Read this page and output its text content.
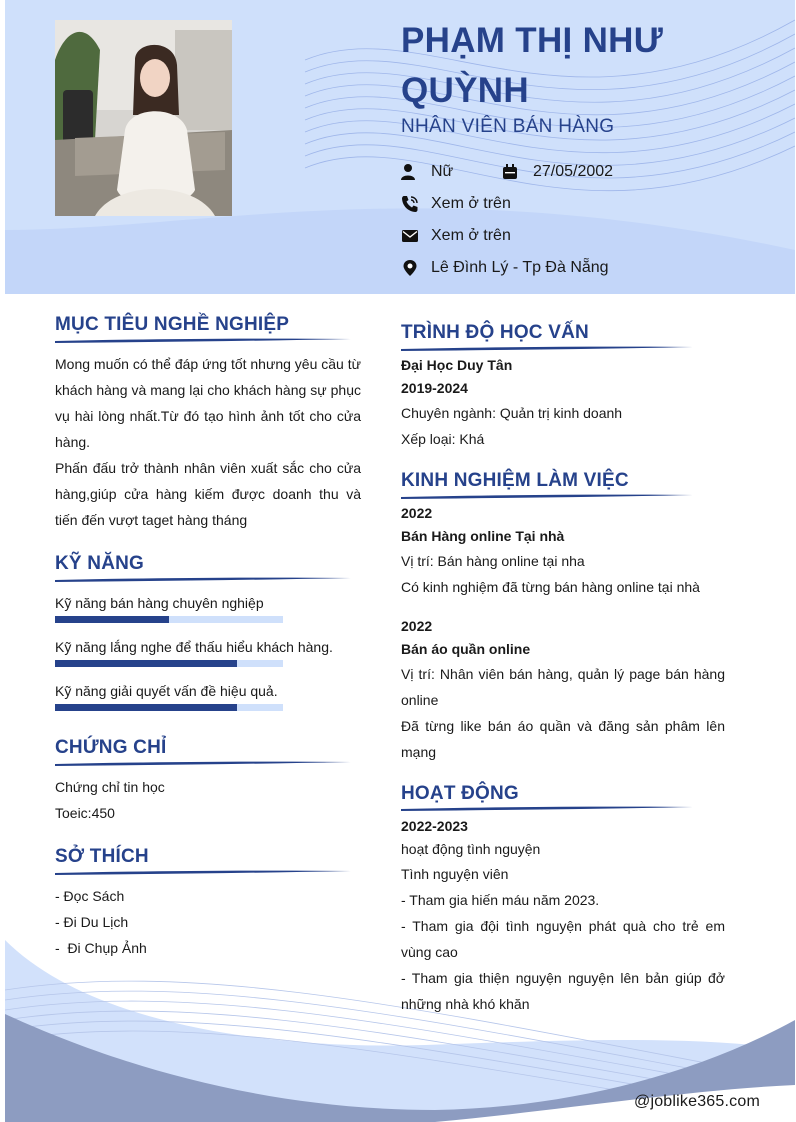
PHẠM THỊ NHƯ QUỲNH
NHÂN VIÊN BÁN HÀNG
Nữ	27/05/2002
Xem ở trên
Xem ở trên
Lê Đình Lý - Tp Đà Nẵng
@joblike365.com
MỤC TIÊU NGHỀ NGHIỆP
Mong muốn có thể đáp ứng tốt nhưng yêu cầu từ khách hàng và mang lại cho khách hàng sự phục vụ hài lòng nhất.Từ đó tạo hình ảnh tốt cho cửa hàng.
Phấn đấu trở thành nhân viên xuất sắc cho cửa hàng,giúp cửa hàng kiếm được doanh thu và tiến đến vượt taget hàng tháng
KỸ NĂNG
Kỹ năng bán hàng chuyên nghiệp
Kỹ năng lắng nghe để thấu hiểu khách hàng.
Kỹ năng giải quyết vấn đề hiệu quả.
CHỨNG CHỈ
Chứng chỉ tin học
Toeic:450
SỞ THÍCH
- Đọc Sách
- Đi Du Lịch
-  Đi Chụp Ảnh
TRÌNH ĐỘ HỌC VẤN
Đại Học Duy Tân
2019-2024
Chuyên ngành: Quản trị kinh doanh
Xếp loại: Khá
KINH NGHIỆM LÀM VIỆC
2022
Bán Hàng online Tại nhà
Vị trí: Bán hàng online tại nha
Có kinh nghiệm đã từng bán hàng online tại nhà
2022
Bán áo quần online
Vị trí: Nhân viên bán hàng, quản lý page bán hàng online
Đã từng like bán áo quần và đăng sản phâm lên mạng
HOẠT ĐỘNG
2022-2023
hoạt động tình nguyện
Tình nguyện viên
- Tham gia hiến máu năm 2023.
- Tham gia đội tình nguyện phát quà cho trẻ em vùng cao
- Tham gia thiện nguyện nguyện lên bản giúp đở những nhà khó khăn
